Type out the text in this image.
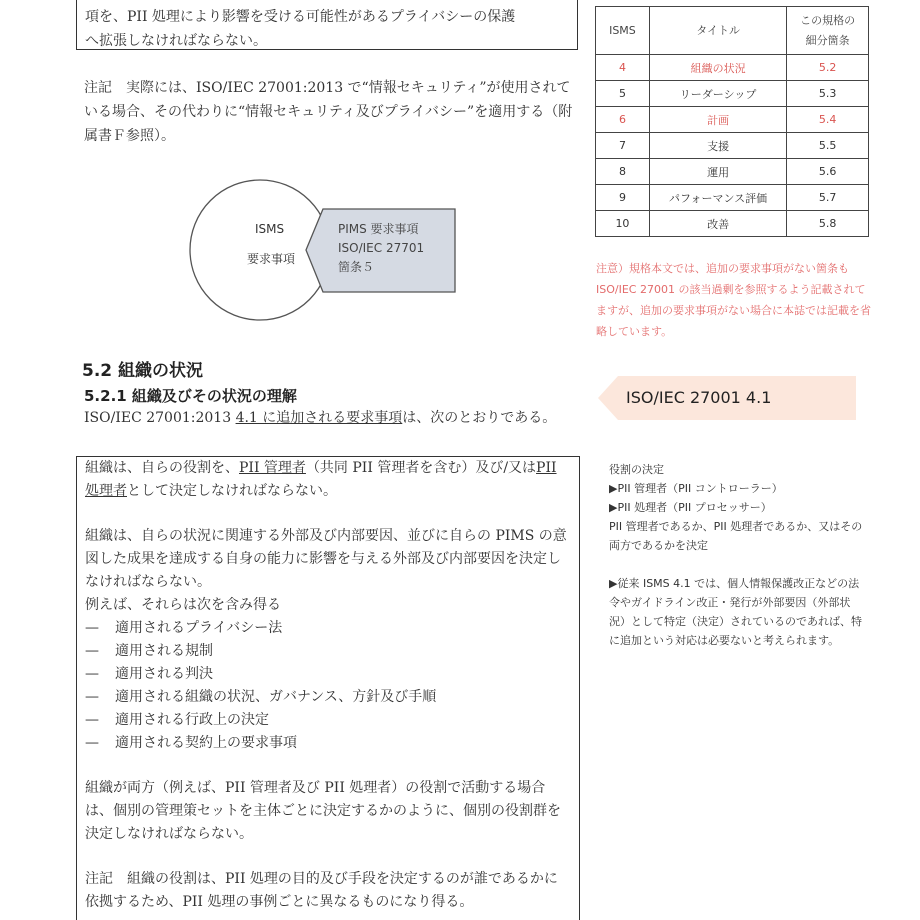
項を、PII 処理により影響を受ける可能性があるプライバシーの保護
へ拡張しなければならない。
注記　実際には、ISO/IEC 27001:2013 で“情報セキュリティ”が使用されている場合、その代わりに“情報セキュリティ及びプライバシー”を適用する（附属書Ｆ参照）。
ISMS
要求事項
PIMS 要求事項
ISO/IEC 27701
箇条５
5.2 組織の状況
5.2.1 組織及びその状況の理解
ISO/IEC 27001:2013 4.1 に追加される要求事項は、次のとおりである。

組織は、自らの役割を、PII 管理者（共同 PII 管理者を含む）及び/又はPII 処理者として決定しなければならない。

組織は、自らの状況に関連する外部及び内部要因、並びに自らの PIMS の意図した成果を達成する自身の能力に影響を与える外部及び内部要因を決定しなければならない。

例えば、それらは次を含み得る

—	適用されるプライバシー法
—	適用される規制
—	適用される判決
—	適用される組織の状況、ガバナンス、方針及び手順
—	適用される行政上の決定
—	適用される契約上の要求事項

組織が両方（例えば、PII 管理者及び PII 処理者）の役割で活動する場合は、個別の管理策セットを主体ごとに決定するかのように、個別の役割群を決定しなければならない。

注記　組織の役割は、PII 処理の目的及び手段を決定するのが誰であるかに依拠するため、PII 処理の事例ごとに異なるものになり得る。

ISMS	タイトル	この規格の
細分箇条
4	組織の状況	5.2
5	リーダーシップ	5.3
6	計画	5.4
7	支援	5.5
8	運用	5.6
9	パフォーマンス評価	5.7
10	改善	5.8
注意）規格本文では、追加の要求事項がない箇条も ISO/IEC 27001 の該当過剰を参照するよう記載されてますが、追加の要求事項がない場合に本誌では記載を省略しています。
ISO/IEC 27001 4.1

役割の決定

▶PII 管理者（PII コントローラー）

▶PII 処理者（PII プロセッサー）

PII 管理者であるか、PII 処理者であるか、又はその両方であるかを決定

▶従来 ISMS 4.1 では、個人情報保護改正などの法令やガイドライン改正・発行が外部要因（外部状況）として特定（決定）されているのであれば、特に追加という対応は必要ないと考えられます。
